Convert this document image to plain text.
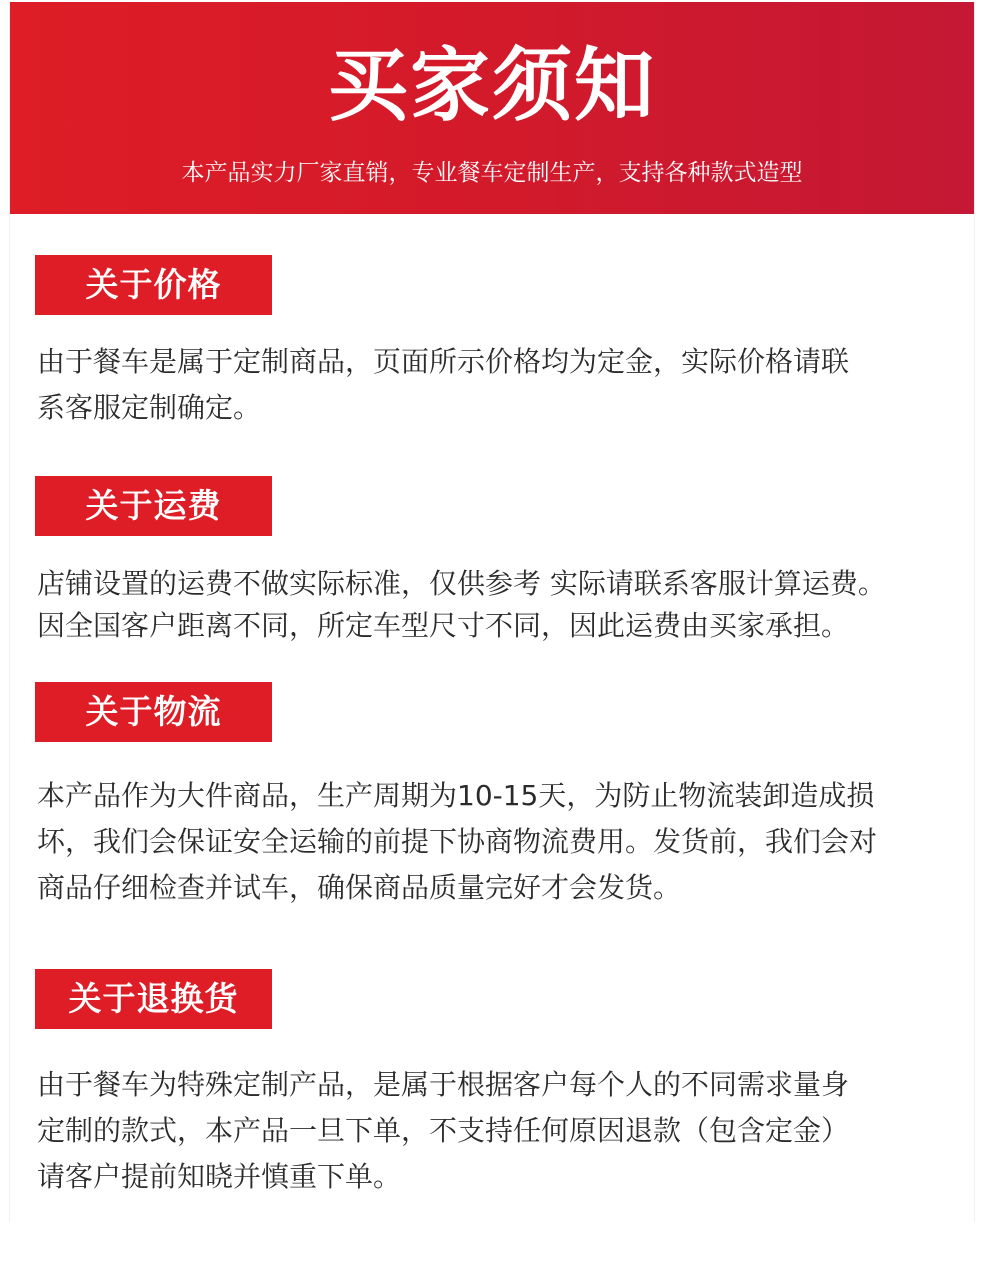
买家须知
本产品实力厂家直销，专业餐车定制生产，支持各种款式造型
关于价格

由于餐车是属于定制商品，页面所示价格均为定金，实际价格请联
系客服定制确定。

关于运费

店铺设置的运费不做实际标准，仅供参考 实际请联系客服计算运费。
因全国客户距离不同，所定车型尺寸不同，因此运费由买家承担。

关于物流

本产品作为大件商品，生产周期为10-15天，为防止物流装卸造成损
坏，我们会保证安全运输的前提下协商物流费用。发货前，我们会对
商品仔细检查并试车，确保商品质量完好才会发货。

关于退换货

由于餐车为特殊定制产品，是属于根据客户每个人的不同需求量身
定制的款式，本产品一旦下单，不支持任何原因退款（包含定金）
请客户提前知晓并慎重下单。
